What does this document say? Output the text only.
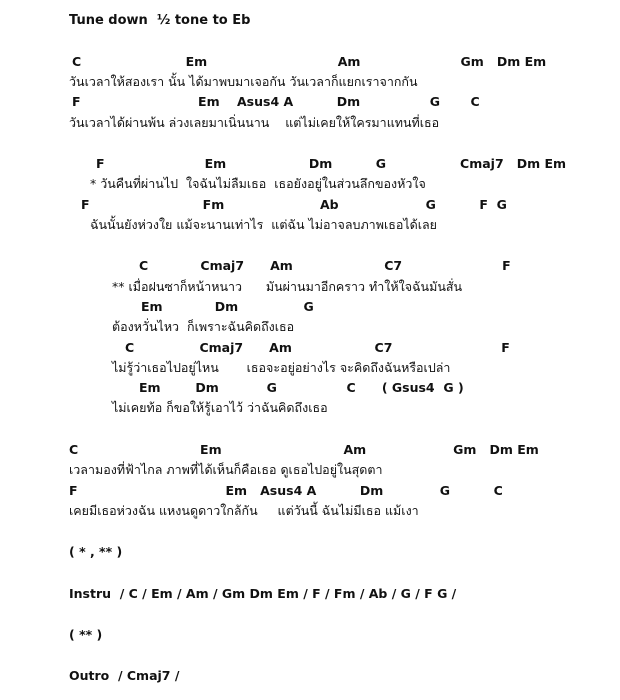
Tune down  ½ tone to Eb
C                        Em                              Am                       Gm   Dm Em
วันเวลาให้สองเรา นั้น ได้มาพบมาเจอกัน วันเวลาก็แยกเราจากกัน
F                           Em    Asus4 A          Dm                G       C
วันเวลาได้ผ่านพ้น ล่วงเลยมาเนิ่นนาน    แต่ไม่เคยให้ใครมาแทนที่เธอ
F                       Em                   Dm          G                 Cmaj7   Dm Em
* วันคืนที่ผ่านไป  ใจฉันไม่ลืมเธอ  เธอยังอยู่ในส่วนลึกของหัวใจ
F                          Fm                      Ab                    G          F  G
ฉันนั้นยังห่วงใย แม้จะนานเท่าไร  แต่ฉัน ไม่อาจลบภาพเธอได้เลย
C            Cmaj7      Am                     C7                       F
** เมื่อฝนซาก็หน้าหนาว      มันผ่านมาอีกคราว ทำให้ใจฉันมันสั่น
Em            Dm               G
ต้องหวั่นไหว  ก็เพราะฉันคิดถึงเธอ
C               Cmaj7      Am                   C7                         F
ไม่รู้ว่าเธอไปอยู่ไหน       เธอจะอยู่อย่างไร จะคิดถึงฉันหรือเปล่า
Em        Dm           G                C      ( Gsus4  G )
ไม่เคยท้อ ก็ขอให้รู้เอาไว้ ว่าฉันคิดถึงเธอ
C                            Em                            Am                    Gm   Dm Em
เวลามองที่ฟ้าไกล ภาพที่ได้เห็นก็คือเธอ ดูเธอไปอยู่ในสุดตา
F                                  Em   Asus4 A          Dm             G          C
เคยมีเธอห่วงฉัน แหงนดูดาวใกล้กัน     แต่วันนี้ ฉันไม่มีเธอ แม้เงา
( * , ** )
Instru  / C / Em / Am / Gm Dm Em / F / Fm / Ab / G / F G /
( ** )
Outro  / Cmaj7 /
